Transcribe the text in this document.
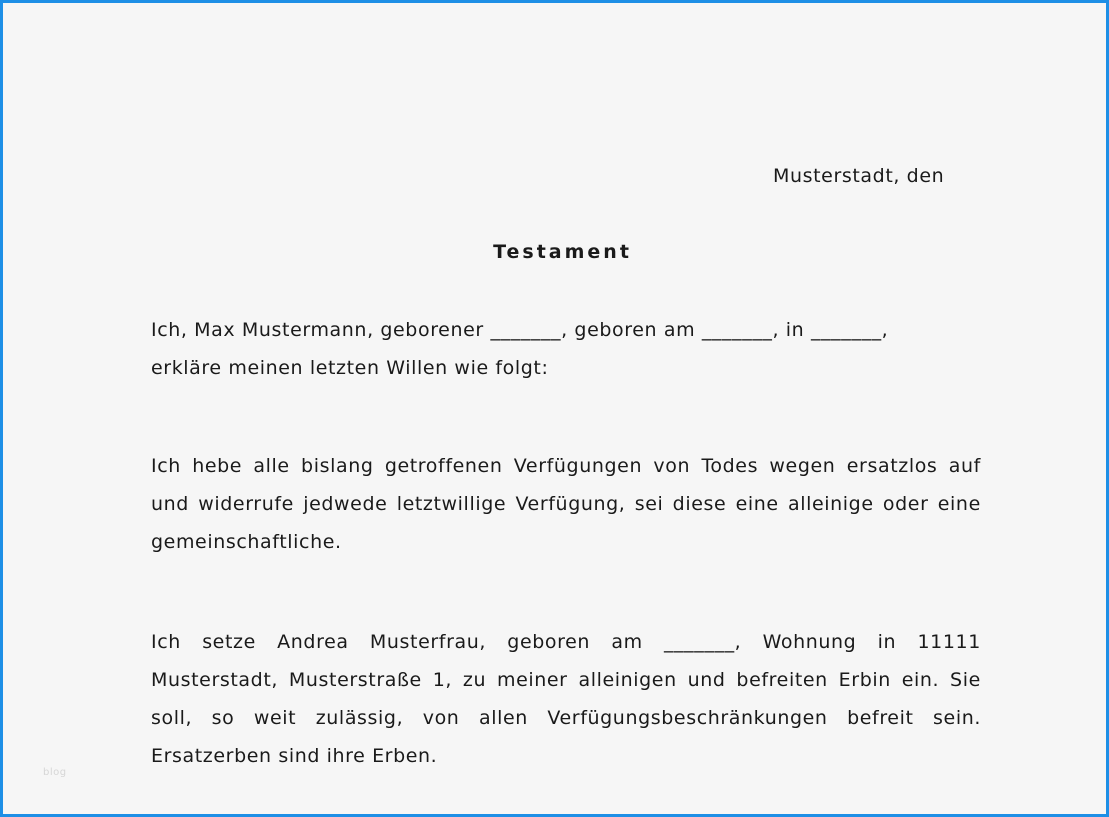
Musterstadt, den
Testament
Ich, Max Mustermann, geborener _______, geboren am _______, in _______,
erkläre meinen letzten Willen wie folgt:
Ich hebe alle bislang getroffenen Verfügungen von Todes wegen ersatzlos auf
und widerrufe jedwede letztwillige Verfügung, sei diese eine alleinige oder eine
gemeinschaftliche.
Ich setze Andrea Musterfrau, geboren am _______, Wohnung in 11111
Musterstadt, Musterstraße 1, zu meiner alleinigen und befreiten Erbin ein. Sie
soll, so weit zulässig, von allen Verfügungsbeschränkungen befreit sein.
Ersatzerben sind ihre Erben.
blog
